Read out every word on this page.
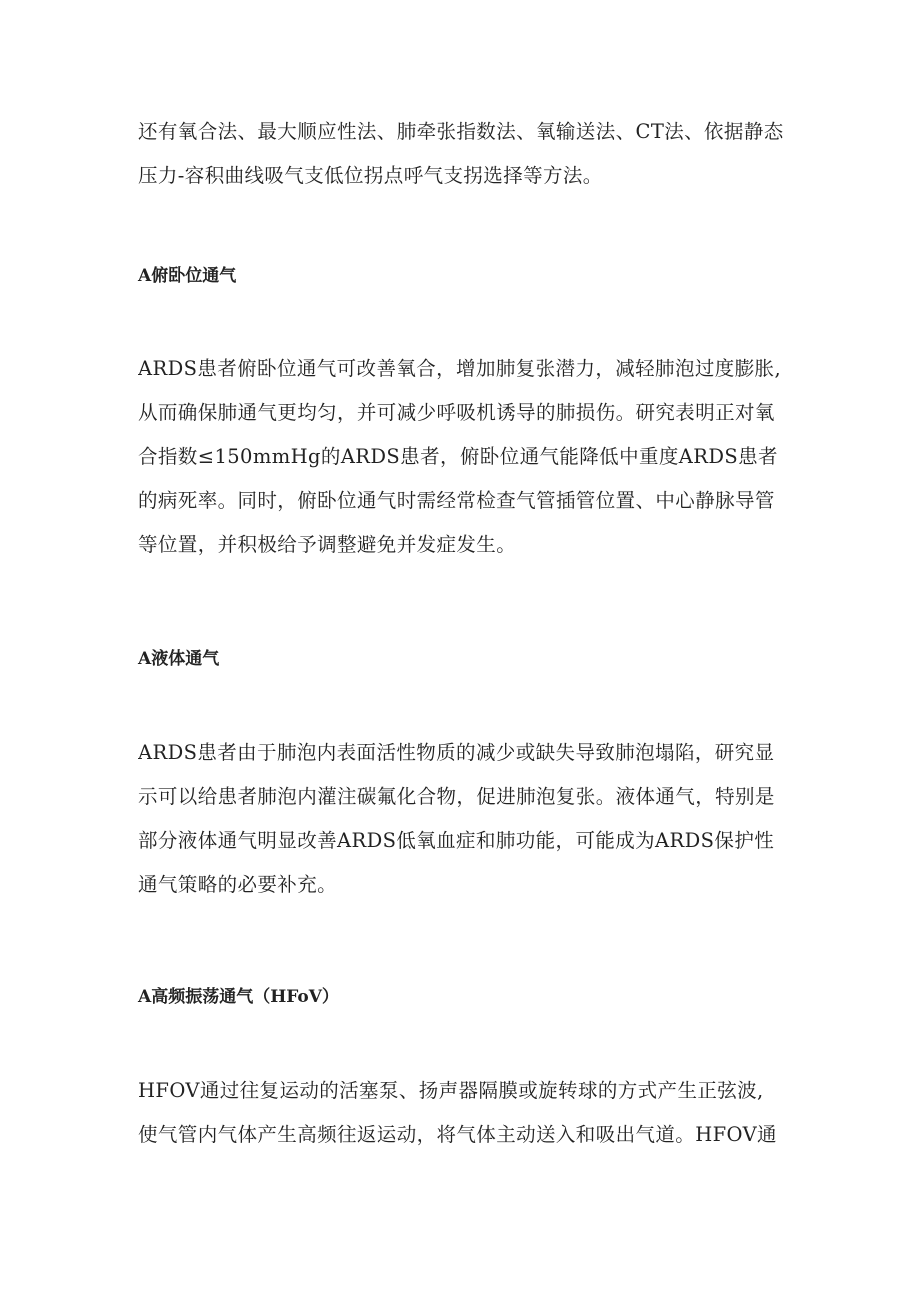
还有氧合法、最大顺应性法、肺牵张指数法、氧输送法、CT法、依据静态
压力-容积曲线吸气支低位拐点呼气支拐选择等方法。
A俯卧位通气
ARDS患者俯卧位通气可改善氧合，增加肺复张潜力，减轻肺泡过度膨胀,
从而确保肺通气更均匀，并可减少呼吸机诱导的肺损伤。研究表明正对氧
合指数≤150mmHg的ARDS患者，俯卧位通气能降低中重度ARDS患者
的病死率。同时，俯卧位通气时需经常检查气管插管位置、中心静脉导管
等位置，并积极给予调整避免并发症发生。
A液体通气
ARDS患者由于肺泡内表面活性物质的减少或缺失导致肺泡塌陷，研究显
示可以给患者肺泡内灌注碳氟化合物，促进肺泡复张。液体通气，特别是
部分液体通气明显改善ARDS低氧血症和肺功能，可能成为ARDS保护性
通气策略的必要补充。
A高频振荡通气（HFoV）
HFOV通过往复运动的活塞泵、扬声器隔膜或旋转球的方式产生正弦波,
使气管内气体产生高频往返运动，将气体主动送入和吸出气道。HFOV通
